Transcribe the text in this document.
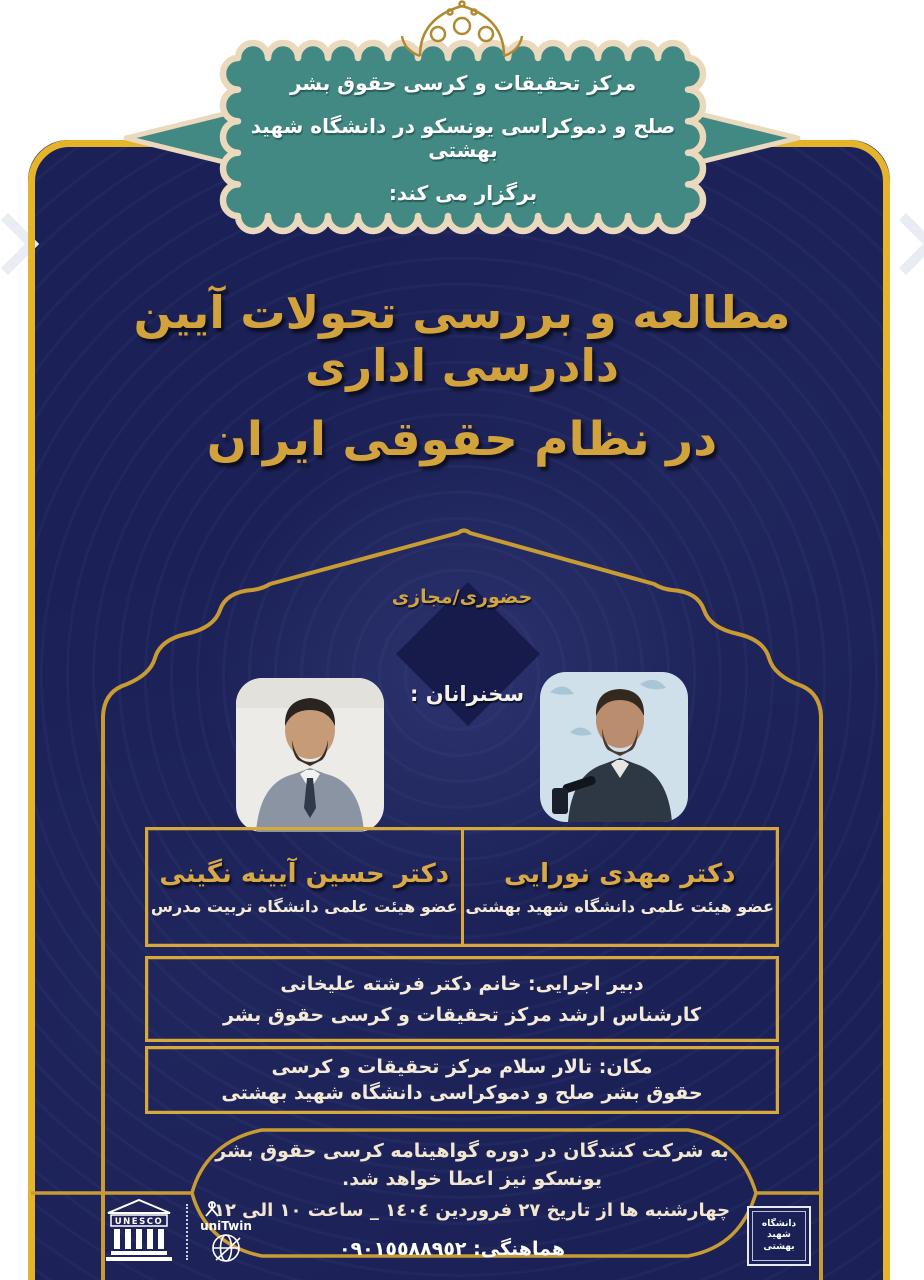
مرکز تحقیقات و کرسی حقوق بشر
صلح و دموکراسی یونسکو در دانشگاه شهید بهشتی
برگزار می کند:
مطالعه و بررسی تحولات آیین دادرسی اداری
در نظام حقوقی ایران
حضوری/مجازی
سخنرانان :
دکتر مهدی نورایی
عضو هیئت علمی دانشگاه شهید بهشتی
دکتر حسین آیینه نگینی
عضو هیئت علمی دانشگاه تربیت مدرس
دبیر اجرایی: خانم دکتر فرشته علیخانی
کارشناس ارشد مرکز تحقیقات و کرسی حقوق بشر
مکان: تالار سلام مرکز تحقیقات و کرسی
حقوق بشر صلح و دموکراسی دانشگاه شهید بهشتی
به شرکت کنندگان در دوره گواهینامه کرسی حقوق بشر
یونسکو نیز اعطا خواهد شد.
چهارشنبه ها از تاریخ ٢٧ فروردین ١٤٠٤ _ ساعت ١٠ الی ١٢
هماهنگی: ٠٩٠١٥٥٨٨٩٥٢
UNESCO	uniTwin	دانشگاه شهید بهشتی
